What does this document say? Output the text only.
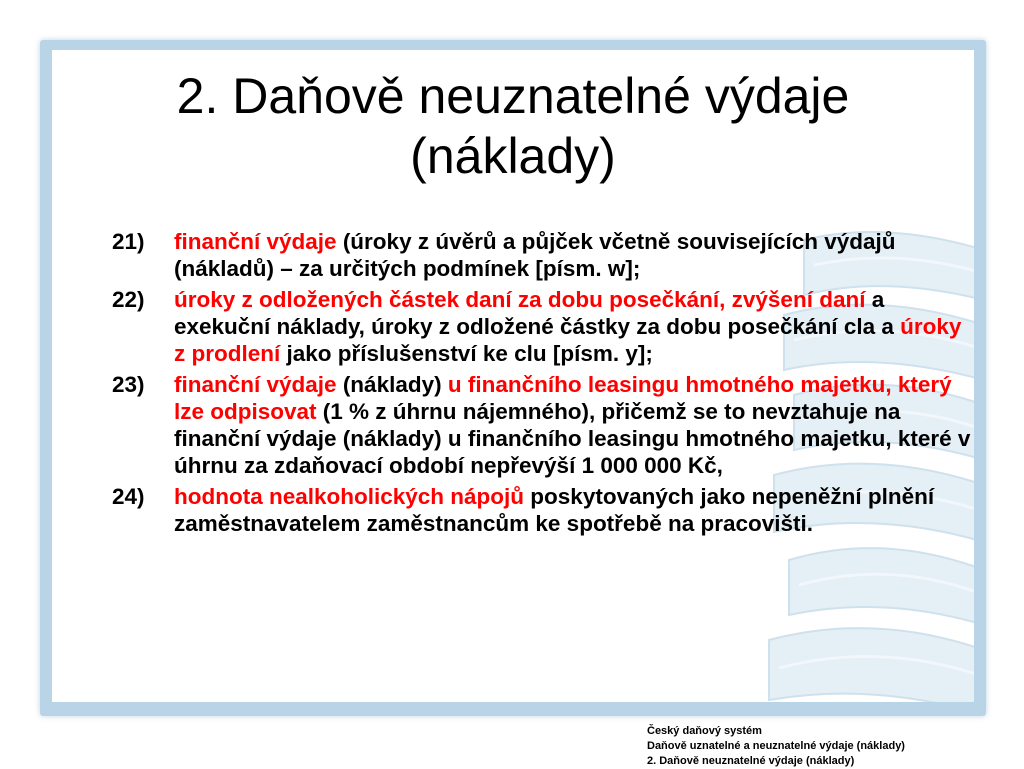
2. Daňově neuznatelné výdaje
(náklady)
21)	finanční výdaje (úroky z úvěrů a půjček včetně souvisejících výdajů (nákladů) – za určitých podmínek [písm. w];
22)	úroky z odložených částek daní za dobu posečkání, zvýšení daní a exekuční náklady, úroky z odložené částky za dobu posečkání cla a úroky z prodlení jako příslušenství ke clu [písm. y];
23)	finanční výdaje (náklady) u finančního leasingu hmotného majetku, který lze odpisovat (1 % z úhrnu nájemného), přičemž se to nevztahuje na finanční výdaje (náklady) u finančního leasingu hmotného majetku, které v úhrnu za zdaňovací období nepřevýší 1 000 000 Kč,
24)	hodnota nealkoholických nápojů poskytovaných jako nepeněžní plnění zaměstnavatelem zaměstnancům ke spotřebě na pracovišti.
Český daňový systém
Daňově uznatelné a neuznatelné výdaje (náklady)
2. Daňově neuznatelné výdaje (náklady)
